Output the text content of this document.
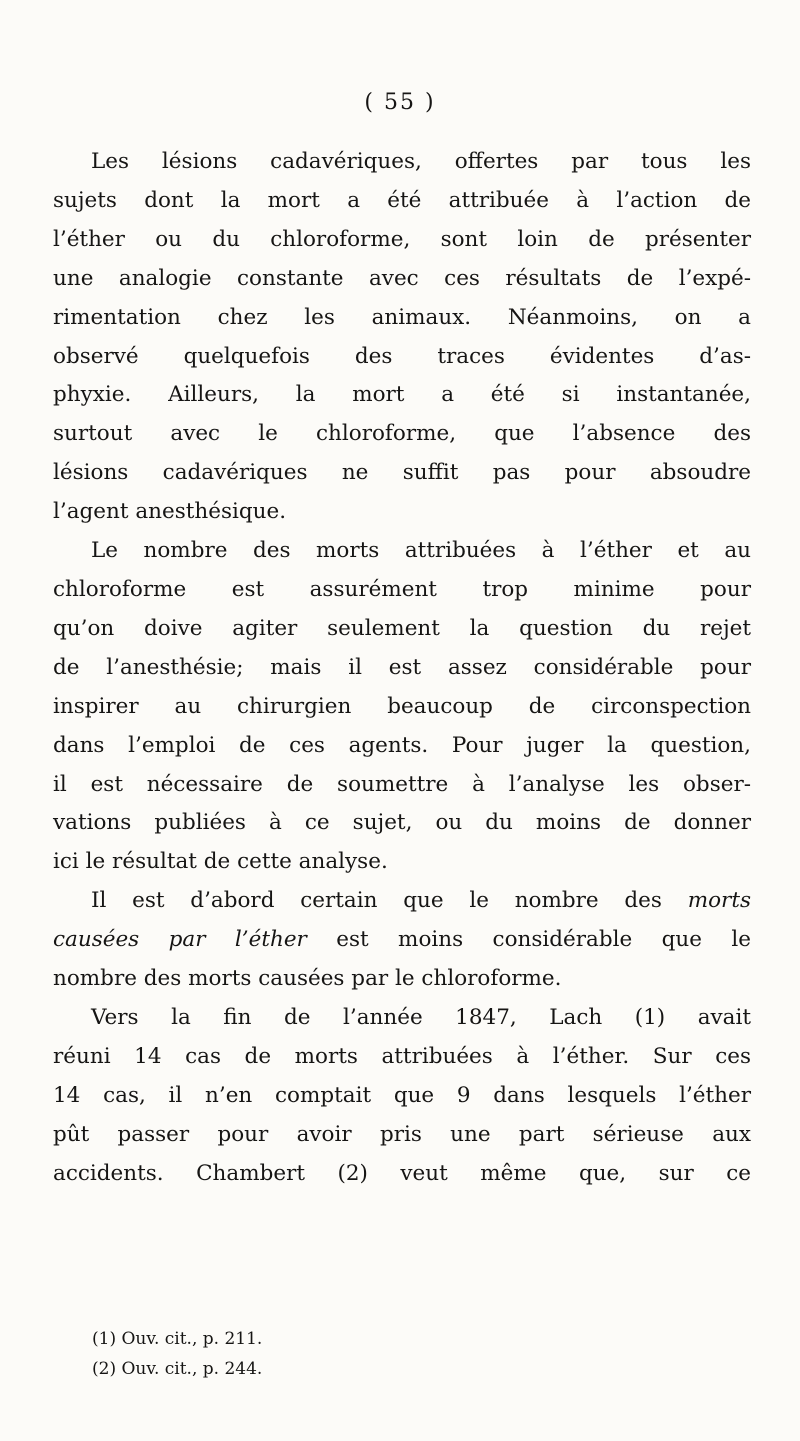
( 55 )
Les lésions cadavériques, offertes par tous les
sujets dont la mort a été attribuée à l’action de
l’éther ou du chloroforme, sont loin de présenter
une analogie constante avec ces résultats de l’expé-
rimentation chez les animaux. Néanmoins, on a
observé quelquefois des traces évidentes d’as-
phyxie. Ailleurs, la mort a été si instantanée,
surtout avec le chloroforme, que l’absence des
lésions cadavériques ne suffit pas pour absoudre
l’agent anesthésique.
Le nombre des morts attribuées à l’éther et au
chloroforme est assurément trop minime pour
qu’on doive agiter seulement la question du rejet
de l’anesthésie; mais il est assez considérable pour
inspirer au chirurgien beaucoup de circonspection
dans l’emploi de ces agents. Pour juger la question,
il est nécessaire de soumettre à l’analyse les obser-
vations publiées à ce sujet, ou du moins de donner
ici le résultat de cette analyse.
Il est d’abord certain que le nombre des morts
causées par l’éther est moins considérable que le
nombre des morts causées par le chloroforme.
Vers la fin de l’année 1847, Lach (1) avait
réuni 14 cas de morts attribuées à l’éther. Sur ces
14 cas, il n’en comptait que 9 dans lesquels l’éther
pût passer pour avoir pris une part sérieuse aux
accidents. Chambert (2) veut même que, sur ce
(1) Ouv. cit., p. 211.
(2) Ouv. cit., p. 244.
